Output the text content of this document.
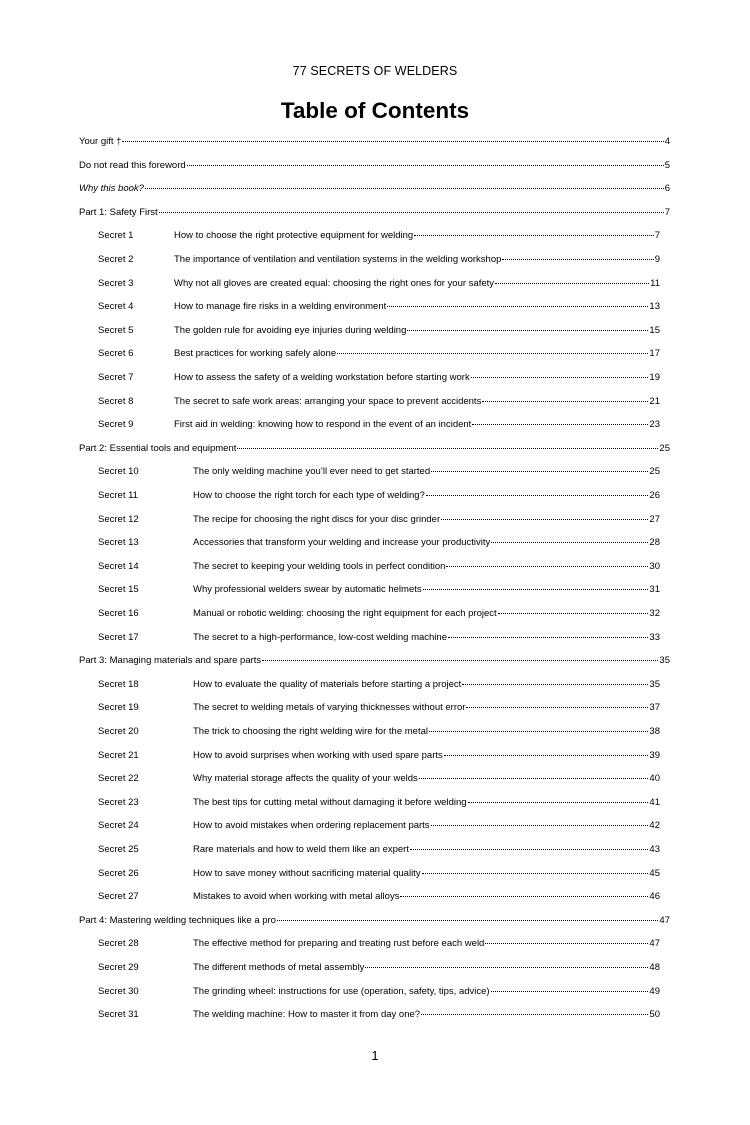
77 SECRETS OF WELDERS
Table of Contents
Your gift †	4
Do not read this foreword	5
Why this book?	6
Part 1: Safety First	7
Secret 1	How to choose the right protective equipment for welding	7
Secret 2	The importance of ventilation and ventilation systems in the welding workshop	9
Secret 3	Why not all gloves are created equal: choosing the right ones for your safety	11
Secret 4	How to manage fire risks in a welding environment	13
Secret 5	The golden rule for avoiding eye injuries during welding	15
Secret 6	Best practices for working safely alone	17
Secret 7	How to assess the safety of a welding workstation before starting work	19
Secret 8	The secret to safe work areas: arranging your space to prevent accidents	21
Secret 9	First aid in welding: knowing how to respond in the event of an incident	23
Part 2: Essential tools and equipment	25
Secret 10	The only welding machine you’ll ever need to get started	25
Secret 11	How to choose the right torch for each type of welding?	26
Secret 12	The recipe for choosing the right discs for your disc grinder	27
Secret 13	Accessories that transform your welding and increase your productivity	28
Secret 14	The secret to keeping your welding tools in perfect condition	30
Secret 15	Why professional welders swear by automatic helmets	31
Secret 16	Manual or robotic welding: choosing the right equipment for each project	32
Secret 17	The secret to a high-performance, low-cost welding machine	33
Part 3: Managing materials and spare parts	35
Secret 18	How to evaluate the quality of materials before starting a project	35
Secret 19	The secret to welding metals of varying thicknesses without error	37
Secret 20	The trick to choosing the right welding wire for the metal	38
Secret 21	How to avoid surprises when working with used spare parts	39
Secret 22	Why material storage affects the quality of your welds	40
Secret 23	The best tips for cutting metal without damaging it before welding	41
Secret 24	How to avoid mistakes when ordering replacement parts	42
Secret 25	Rare materials and how to weld them like an expert	43
Secret 26	How to save money without sacrificing material quality	45
Secret 27	Mistakes to avoid when working with metal alloys	46
Part 4: Mastering welding techniques like a pro	47
Secret 28	The effective method for preparing and treating rust before each weld	47
Secret 29	The different methods of metal assembly	48
Secret 30	The grinding wheel: instructions for use (operation, safety, tips, advice)	49
Secret 31	The welding machine: How to master it from day one?	50
1
